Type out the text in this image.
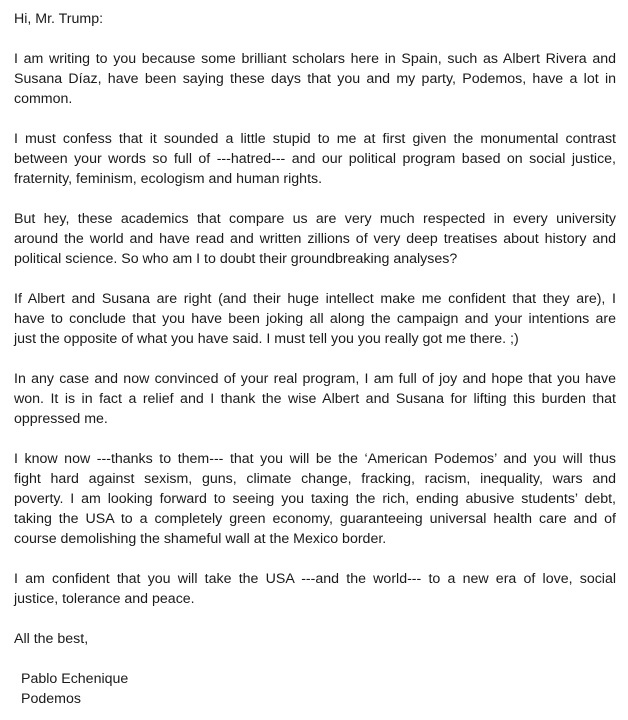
Hi, Mr. Trump:
I am writing to you because some brilliant scholars here in Spain, such as Albert Rivera and
Susana Díaz, have been saying these days that you and my party, Podemos, have a lot in
common.
I must confess that it sounded a little stupid to me at first given the monumental contrast
between your words so full of ---hatred--- and our political program based on social justice,
fraternity, feminism, ecologism and human rights.
But hey, these academics that compare us are very much respected in every university
around the world and have read and written zillions of very deep treatises about history and
political science. So who am I to doubt their groundbreaking analyses?
If Albert and Susana are right (and their huge intellect make me confident that they are), I
have to conclude that you have been joking all along the campaign and your intentions are
just the opposite of what you have said. I must tell you you really got me there. ;)
In any case and now convinced of your real program, I am full of joy and hope that you have
won. It is in fact a relief and I thank the wise Albert and Susana for lifting this burden that
oppressed me.
I know now ---thanks to them--- that you will be the ‘American Podemos’ and you will thus
fight hard against sexism, guns, climate change, fracking, racism, inequality, wars and
poverty. I am looking forward to seeing you taxing the rich, ending abusive students’ debt,
taking the USA to a completely green economy, guaranteeing universal health care and of
course demolishing the shameful wall at the Mexico border.
I am confident that you will take the USA ---and the world--- to a new era of love, social
justice, tolerance and peace.
All the best,
Pablo Echenique
Podemos
